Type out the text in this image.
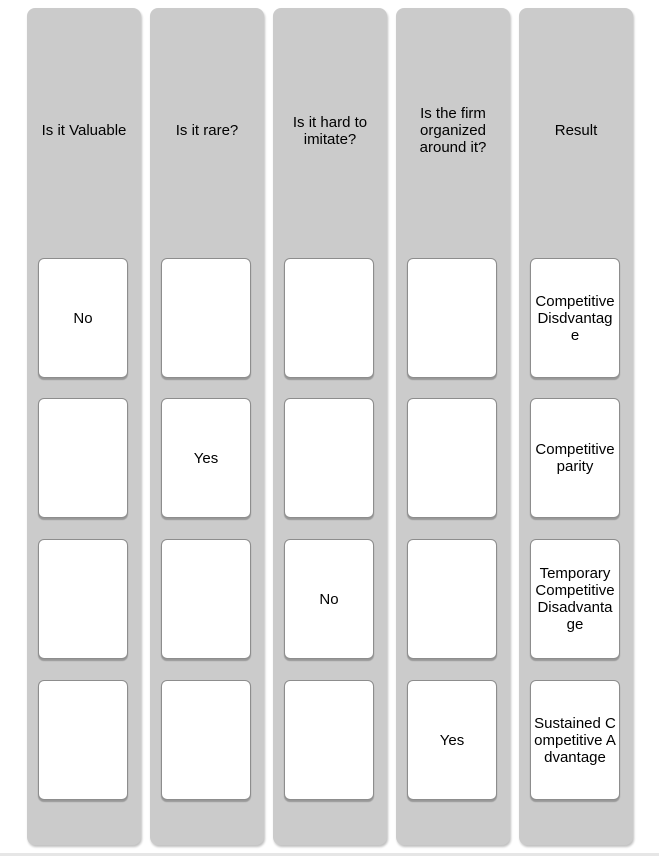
Is it Valuable
No
Is it rare?
Yes
Is it hard to imitate?
No
Is the firm organized around it?
Yes
Result
Competitive Disdvantage
Competitive parity
Temporary Competitive Disadvantage
Sustained Competitive Advantage
